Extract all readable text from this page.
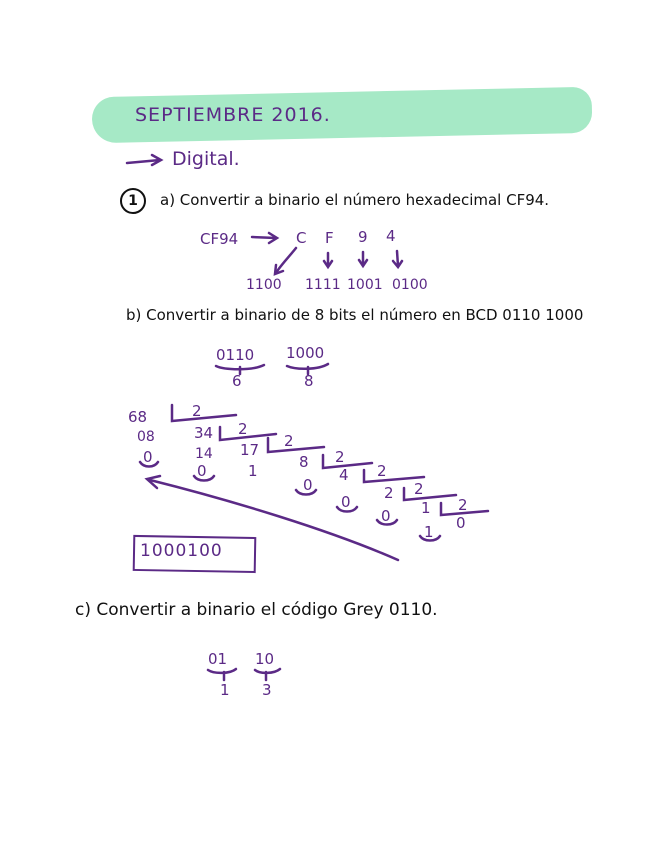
SEPTIEMBRE 2016.
Digital.
1	a) Convertir a binario el número hexadecimal CF94.
CF94	C F 9 4
1100 1111 1001 0100
b) Convertir a binario de 8 bits el número en BCD 0110 1000
0110 1000
6	8
68	2
08	34 2
0	14 17 2
0	1	8 2
0
4 2
0 2 2
0 1 2
1 0
1000100
c) Convertir a binario el código Grey 0110.
01 10
1 3
